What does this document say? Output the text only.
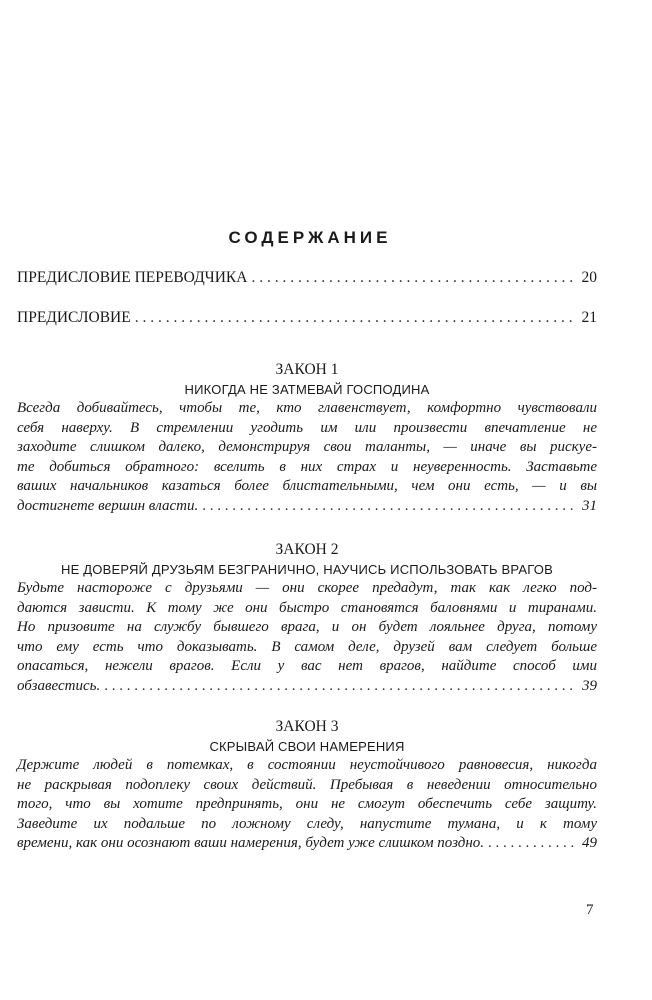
СОДЕРЖАНИЕ
ПРЕДИСЛОВИЕ ПЕРЕВОДЧИКА . . .	20
ПРЕДИСЛОВИЕ . . .	21
ЗАКОН 1
НИКОГДА НЕ ЗАТМЕВАЙ ГОСПОДИНА
Всегда добивайтесь, чтобы те, кто главенствует, комфортно чувствовали
себя наверху. В стремлении угодить им или произвести впечатление не
заходите слишком далеко, демонстрируя свои таланты, — иначе вы рискуе-
те добиться обратного: вселить в них страх и неуверенность. Заставьте
ваших начальников казаться более блистательными, чем они есть, — и вы
достигнете вершин власти. . . .	31
ЗАКОН 2
НЕ ДОВЕРЯЙ ДРУЗЬЯМ БЕЗГРАНИЧНО, НАУЧИСЬ ИСПОЛЬЗОВАТЬ ВРАГОВ
Будьте настороже с друзьями — они скорее предадут, так как легко под-
даются зависти. К тому же они быстро становятся баловнями и тиранами.
Но призовите на службу бывшего врага, и он будет лояльнее друга, потому
что ему есть что доказывать. В самом деле, друзей вам следует больше
опасаться, нежели врагов. Если у вас нет врагов, найдите способ ими
обзавестись. . . .	39
ЗАКОН 3
СКРЫВАЙ СВОИ НАМЕРЕНИЯ
Держите людей в потемках, в состоянии неустойчивого равновесия, никогда
не раскрывая подоплеку своих действий. Пребывая в неведении относительно
того, что вы хотите предпринять, они не смогут обеспечить себе защиту.
Заведите их подальше по ложному следу, напустите тумана, и к тому
времени, как они осознают ваши намерения, будет уже слишком поздно. . . .	49
7
